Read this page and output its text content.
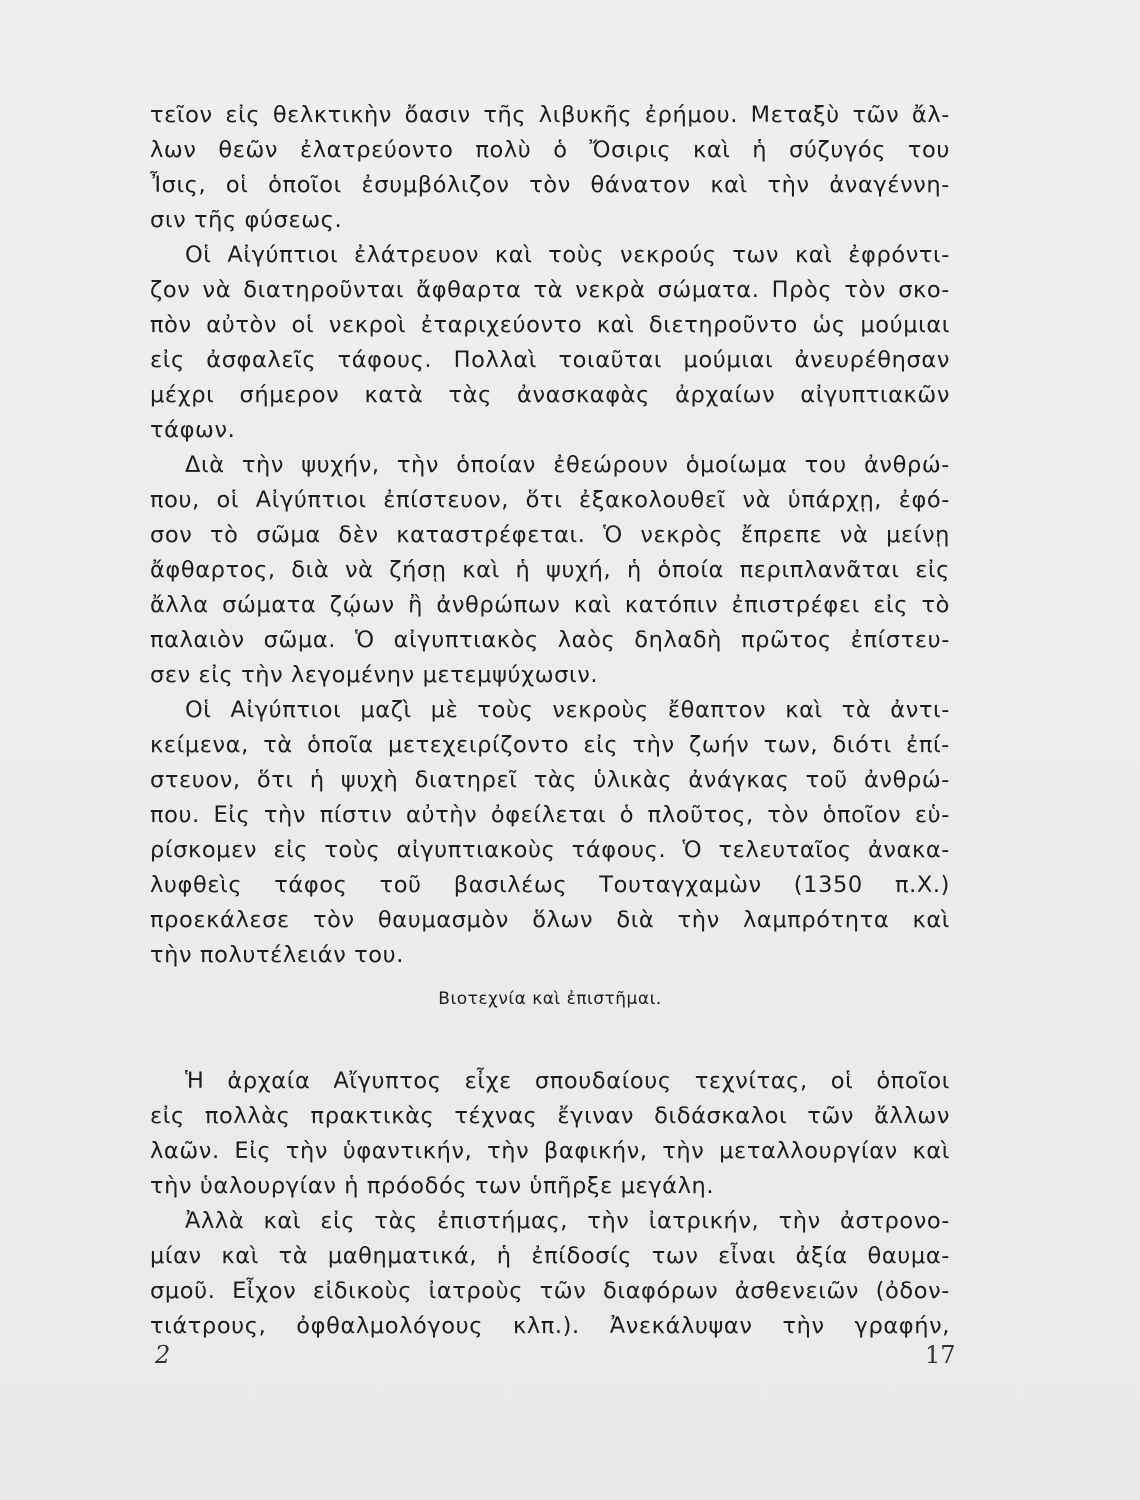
τεῖον εἰς θελκτικὴν ὄασιν τῆς λιβυκῆς ἐρήμου. Μεταξὺ τῶν ἄλ-
λων θεῶν ἐλατρεύοντο πολὺ ὁ Ὄσιρις καὶ ἡ σύζυγός του
Ἶσις, οἱ ὁποῖοι ἐσυμβόλιζον τὸν θάνατον καὶ τὴν ἀναγέννη-
σιν τῆς φύσεως.
Οἱ Αἰγύπτιοι ἐλάτρευον καὶ τοὺς νεκρούς των καὶ ἐφρόντι-
ζον νὰ διατηροῦνται ἄφθαρτα τὰ νεκρὰ σώματα. Πρὸς τὸν σκο-
πὸν αὐτὸν οἱ νεκροὶ ἐταριχεύοντο καὶ διετηροῦντο ὡς μούμιαι
εἰς ἀσφαλεῖς τάφους. Πολλαὶ τοιαῦται μούμιαι ἀνευρέθησαν
μέχρι σήμερον κατὰ τὰς ἀνασκαφὰς ἀρχαίων αἰγυπτιακῶν
τάφων.
Διὰ τὴν ψυχήν, τὴν ὁποίαν ἐθεώρουν ὁμοίωμα του ἀνθρώ-
που, οἱ Αἰγύπτιοι ἐπίστευον, ὅτι ἐξακολουθεῖ νὰ ὑπάρχῃ, ἐφό-
σον τὸ σῶμα δὲν καταστρέφεται. Ὁ νεκρὸς ἔπρεπε νὰ μείνῃ
ἄφθαρτος, διὰ νὰ ζήσῃ καὶ ἡ ψυχή, ἡ ὁποία περιπλανᾶται εἰς
ἄλλα σώματα ζῴων ἢ ἀνθρώπων καὶ κατόπιν ἐπιστρέφει εἰς τὸ
παλαιὸν σῶμα. Ὁ αἰγυπτιακὸς λαὸς δηλαδὴ πρῶτος ἐπίστευ-
σεν εἰς τὴν λεγομένην μετεμψύχωσιν.
Οἱ Αἰγύπτιοι μαζὶ μὲ τοὺς νεκροὺς ἔθαπτον καὶ τὰ ἀντι-
κείμενα, τὰ ὁποῖα μετεχειρίζοντο εἰς τὴν ζωήν των, διότι ἐπί-
στευον, ὅτι ἡ ψυχὴ διατηρεῖ τὰς ὑλικὰς ἀνάγκας τοῦ ἀνθρώ-
που. Εἰς τὴν πίστιν αὐτὴν ὀφείλεται ὁ πλοῦτος, τὸν ὁποῖον εὑ-
ρίσκομεν εἰς τοὺς αἰγυπτιακοὺς τάφους. Ὁ τελευταῖος ἀνακα-
λυφθεὶς τάφος τοῦ βασιλέως Τουταγχαμὼν (1350 π.Χ.)
προεκάλεσε τὸν θαυμασμὸν ὅλων διὰ τὴν λαμπρότητα καὶ
τὴν πολυτέλειάν του.
Βιοτεχνία καὶ ἐπιστῆμαι.
Ἡ ἀρχαία Αἴγυπτος εἶχε σπουδαίους τεχνίτας, οἱ ὁποῖοι
εἰς πολλὰς πρακτικὰς τέχνας ἔγιναν διδάσκαλοι τῶν ἄλλων
λαῶν. Εἰς τὴν ὑφαντικήν, τὴν βαφικήν, τὴν μεταλλουργίαν καὶ
τὴν ὑαλουργίαν ἡ πρόοδός των ὑπῆρξε μεγάλη.
Ἀλλὰ καὶ εἰς τὰς ἐπιστήμας, τὴν ἰατρικήν, τὴν ἀστρονο-
μίαν καὶ τὰ μαθηματικά, ἡ ἐπίδοσίς των εἶναι ἀξία θαυμα-
σμοῦ. Εἶχον εἰδικοὺς ἰατροὺς τῶν διαφόρων ἀσθενειῶν (ὀδον-
τιάτρους, ὀφθαλμολόγους κλπ.). Ἀνεκάλυψαν τὴν γραφήν,
2	17
